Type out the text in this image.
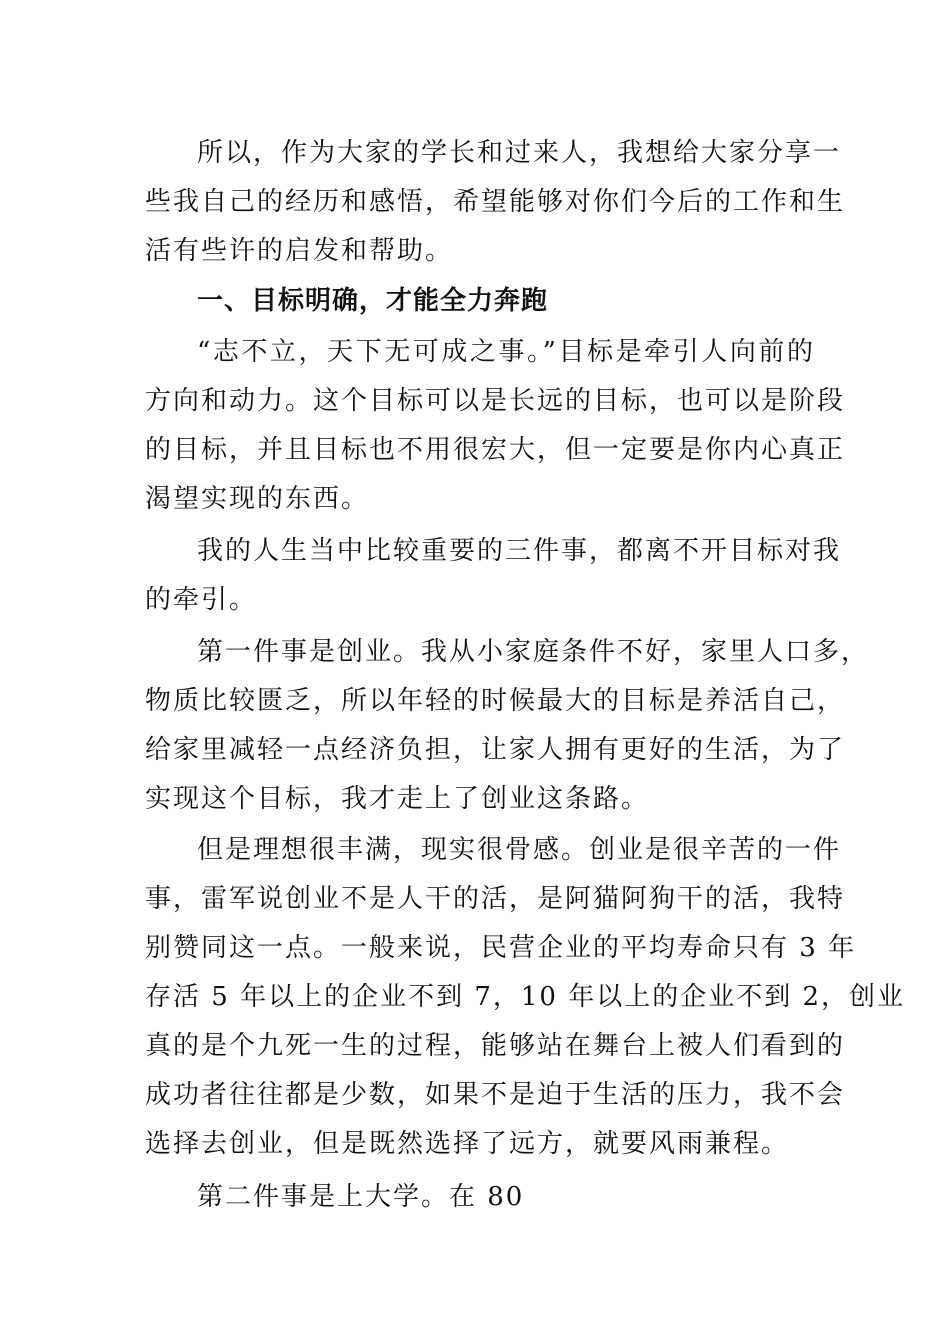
所以，作为大家的学长和过来人，我想给大家分享一
些我自己的经历和感悟，希望能够对你们今后的工作和生
活有些许的启发和帮助。
一、目标明确，才能全力奔跑
“志不立，天下无可成之事。”目标是牵引人向前的
方向和动力。这个目标可以是长远的目标，也可以是阶段
的目标，并且目标也不用很宏大，但一定要是你内心真正
渴望实现的东西。
我的人生当中比较重要的三件事，都离不开目标对我
的牵引。
第一件事是创业。我从小家庭条件不好，家里人口多，
物质比较匮乏，所以年轻的时候最大的目标是养活自己，
给家里减轻一点经济负担，让家人拥有更好的生活，为了
实现这个目标，我才走上了创业这条路。
但是理想很丰满，现实很骨感。创业是很辛苦的一件
事，雷军说创业不是人干的活，是阿猫阿狗干的活，我特
别赞同这一点。一般来说，民营企业的平均寿命只有 3 年
存活 5 年以上的企业不到 7，10 年以上的企业不到 2，创业
真的是个九死一生的过程，能够站在舞台上被人们看到的
成功者往往都是少数，如果不是迫于生活的压力，我不会
选择去创业，但是既然选择了远方，就要风雨兼程。
第二件事是上大学。在 80
